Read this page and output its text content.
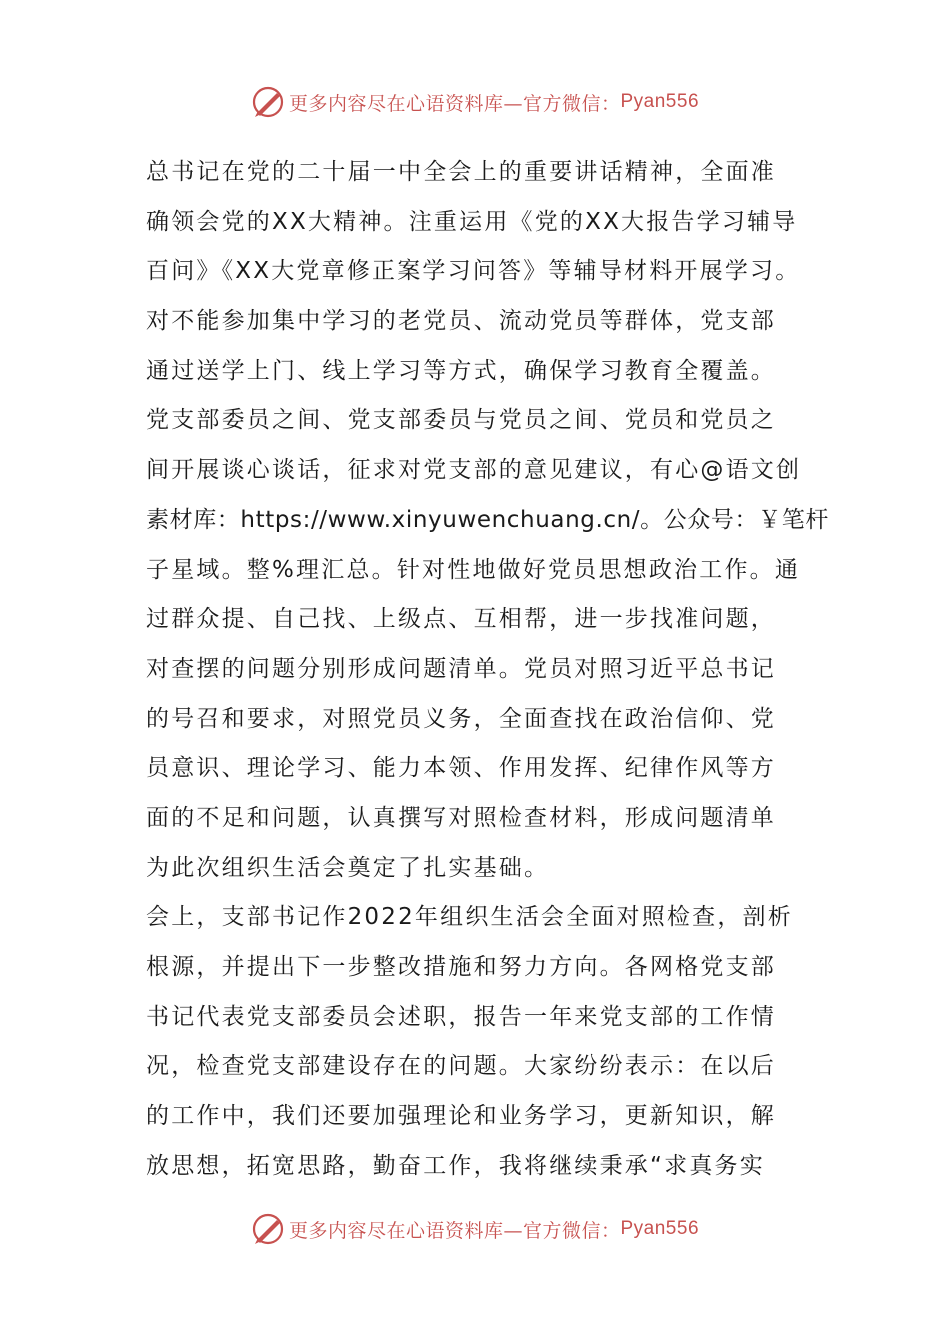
更多内容尽在心语资料库—官方微信： Pyan556
总书记在党的二十届一中全会上的重要讲话精神，全面准
确领会党的XX大精神。注重运用《党的XX大报告学习辅导
百问》《XX大党章修正案学习问答》等辅导材料开展学习。
对不能参加集中学习的老党员、流动党员等群体，党支部
通过送学上门、线上学习等方式，确保学习教育全覆盖。
党支部委员之间、党支部委员与党员之间、党员和党员之
间开展谈心谈话，征求对党支部的意见建议，有心@语文创
素材库：https://www.xinyuwenchuang.cn/。公众号：￥笔杆
子星域。整%理汇总。针对性地做好党员思想政治工作。通
过群众提、自己找、上级点、互相帮，进一步找准问题，
对查摆的问题分别形成问题清单。党员对照习近平总书记
的号召和要求，对照党员义务，全面查找在政治信仰、党
员意识、理论学习、能力本领、作用发挥、纪律作风等方
面的不足和问题，认真撰写对照检查材料，形成问题清单
为此次组织生活会奠定了扎实基础。
会上，支部书记作2022年组织生活会全面对照检查，剖析
根源，并提出下一步整改措施和努力方向。各网格党支部
书记代表党支部委员会述职，报告一年来党支部的工作情
况，检查党支部建设存在的问题。大家纷纷表示：在以后
的工作中，我们还要加强理论和业务学习，更新知识，解
放思想，拓宽思路，勤奋工作，我将继续秉承“求真务实
更多内容尽在心语资料库—官方微信： Pyan556
